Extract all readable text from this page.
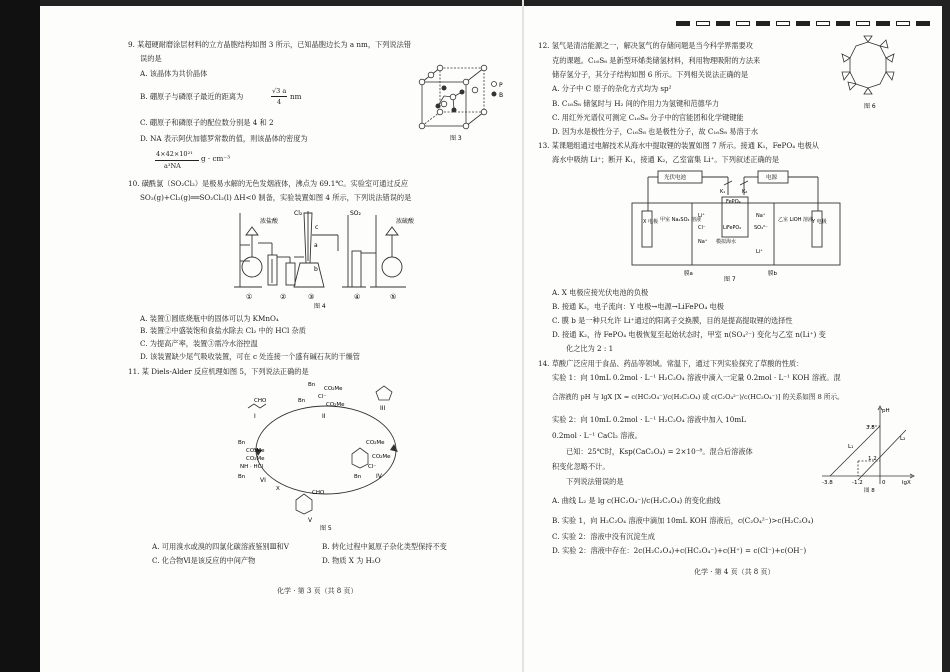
9. 某超硬耐磨涂层材料的立方晶胞结构如图 3 所示，已知晶胞边长为 a nm，下列说法错
误的是
A. 该晶体为共价晶体
B. 硼原子与磷原子最近的距离为
√3 a
4
nm
C. 硼原子和磷原子的配位数分别是 4 和 2
D. NA 表示阿伏加德罗常数的值，则该晶体的密度为
4×42×10²¹
a³NA
g · cm⁻³
P
B
图 3
10. 磺酰氯（SO₂Cl₂）是极易水解的无色发烟液体，沸点为 69.1℃。实验室可通过反应
SO₂(g)+Cl₂(g)══SO₂Cl₂(l) ΔH<0 制备，实验装置如图 4 所示，下列说法错误的是
浓盐酸
Cl₂	SO₂
浓硫酸
c
a
b
①	②	③	④	⑤
图 4
A. 装置①圆底烧瓶中的固体可以为 KMnO₄
B. 装置②中盛装饱和食盐水除去 Cl₂ 中的 HCl 杂质
C. 为提高产率，装置③需冷水浴控温
D. 该装置缺少尾气吸收装置，可在 c 处连接一个盛有碱石灰的干燥管
11. 某 Diels-Alder 反应机理如图 5，下列说法正确的是
CHO
I
Bn
CO₂Me
CO₂Me
Cl⁻
Bn
II
III
CO₂Me
CO₂Me
Cl⁻
Bn IV
CHO
V
Bn
CO₂Me
CO₂Me
NH · HCl
Bn VI
X
图 5
A. 可用溴水或溴的四氯化碳溶液鉴别Ⅲ和Ⅴ	B. 转化过程中氮原子杂化类型保持不变
C. 化合物Ⅵ是该反应的中间产物	D. 物质 X 为 H₂O
化学 · 第 3 页（共 8 页）
12. 氢气是清洁能源之一，解决氢气的存储问题是当今科学界需要攻
克的课题。C₁₆S₈ 是新型环烯类储氢材料，利用物理吸附的方法来
储存氢分子，其分子结构如图 6 所示。下列相关说法正确的是
A. 分子中 C 原子的杂化方式均为 sp²
B. C₁₆S₈ 储氢时与 H₂ 间的作用力为氢键和范德华力
C. 用红外光谱仪可测定 C₁₆S₈ 分子中的官能团和化学键键能
D. 因为水是极性分子，C₁₆S₈ 也是极性分子，故 C₁₆S₈ 易溶于水
图 6
13. 某课题组通过电解技术从海水中提取锂的装置如图 7 所示。接通 K₁，FePO₄ 电极从
海水中吸纳 Li⁺；断开 K₁，接通 K₂，乙室富集 Li⁺。下列叙述正确的是
光伏电池	电源
K₁	K₂
FePO₄
X 电极 甲室 Na₂SO₄ 溶液
Li⁺
Cl⁻	LiFePO₄	SO₄²⁻
Na⁺ 模拟海水
Na⁺
Li⁺
乙室 LiOH 溶液
Y 电极
膜a	膜b
图 7
A. X 电极应接光伏电池的负极
B. 接通 K₂，电子流向：Y 电极→电源→LiFePO₄ 电极
C. 膜 b 是一种只允许 Li⁺通过的阳离子交换膜，目的是提高提取锂的选择性
D. 接通 K₂，待 FePO₄ 电极恢复至起始状态时，甲室 n(SO₄²⁻) 变化与乙室 n(Li⁺) 变
化之比为 2 : 1
14. 草酸广泛应用于食品、药品等领域。常温下，通过下列实验探究了草酸的性质：
实验 1：向 10mL 0.2mol · L⁻¹ H₂C₂O₄ 溶液中滴入一定量 0.2mol · L⁻¹ KOH 溶液。混
合溶液的 pH 与 lgX [X = c(HC₂O₄⁻)/c(H₂C₂O₄) 或 c(C₂O₄²⁻)/c(HC₂O₄⁻)] 的关系如图 8 所示。
实验 2：向 10mL 0.2mol · L⁻¹ H₂C₂O₄ 溶液中加入 10mL
0.2mol · L⁻¹ CaCl₂ 溶液。
已知：25℃时，Ksp(CaC₂O₄) = 2×10⁻⁸。混合后溶液体
积变化忽略不计。
下列说法错误的是
A. 曲线 L₂ 是 lg c(HC₂O₄⁻)/c(H₂C₂O₄) 的变化曲线
B. 实验 1，向 H₂C₂O₄ 溶液中滴加 10mL KOH 溶液后，c(C₂O₄²⁻)>c(H₂C₂O₄)
C. 实验 2：溶液中没有沉淀生成
D. 实验 2：溶液中存在：2c(H₂C₂O₄)+c(HC₂O₄⁻)+c(H⁺) = c(Cl⁻)+c(OH⁻)
pH
lgX
3.8
1.2
-3.8	-1.2	0
L₁
L₂
图 8
化学 · 第 4 页（共 8 页）
